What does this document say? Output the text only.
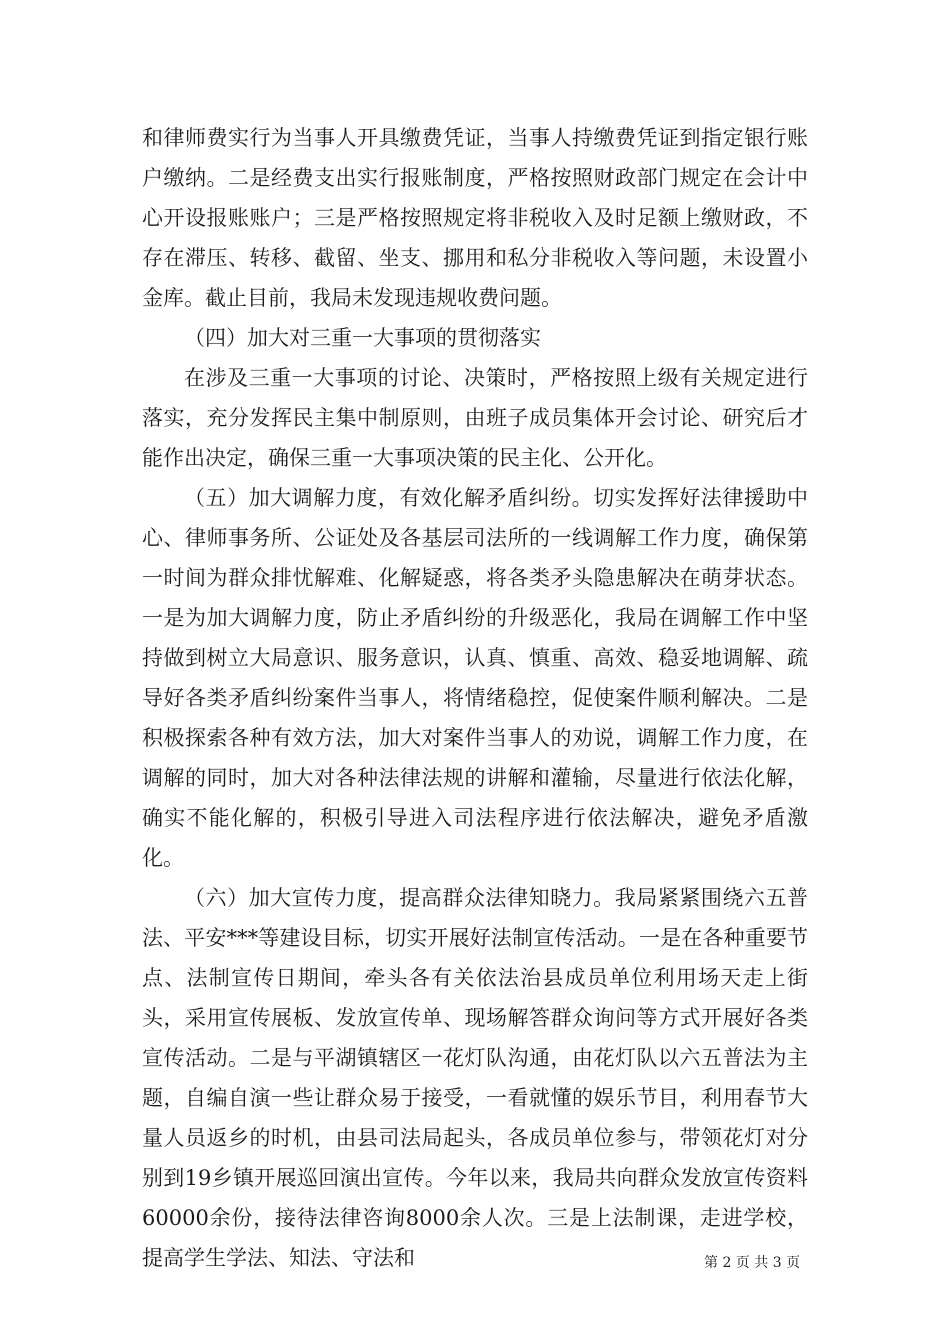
和律师费实行为当事人开具缴费凭证，当事人持缴费凭证到指定银行账户缴纳。二是经费支出实行报账制度，严格按照财政部门规定在会计中心开设报账账户；三是严格按照规定将非税收入及时足额上缴财政，不存在滞压、转移、截留、坐支、挪用和私分非税收入等问题，未设置小金库。截止目前，我局未发现违规收费问题。

（四）加大对三重一大事项的贯彻落实

在涉及三重一大事项的讨论、决策时，严格按照上级有关规定进行落实，充分发挥民主集中制原则，由班子成员集体开会讨论、研究后才能作出决定，确保三重一大事项决策的民主化、公开化。

（五）加大调解力度，有效化解矛盾纠纷。切实发挥好法律援助中心、律师事务所、公证处及各基层司法所的一线调解工作力度，确保第一时间为群众排忧解难、化解疑惑，将各类矛头隐患解决在萌芽状态。一是为加大调解力度，防止矛盾纠纷的升级恶化，我局在调解工作中坚持做到树立大局意识、服务意识，认真、慎重、高效、稳妥地调解、疏导好各类矛盾纠纷案件当事人，将情绪稳控，促使案件顺利解决。二是积极探索各种有效方法，加大对案件当事人的劝说，调解工作力度，在调解的同时，加大对各种法律法规的讲解和灌输，尽量进行依法化解，确实不能化解的，积极引导进入司法程序进行依法解决，避免矛盾激化。

（六）加大宣传力度，提高群众法律知晓力。我局紧紧围绕六五普法、平安***等建设目标，切实开展好法制宣传活动。一是在各种重要节点、法制宣传日期间，牵头各有关依法治县成员单位利用场天走上街头，采用宣传展板、发放宣传单、现场解答群众询问等方式开展好各类宣传活动。二是与平湖镇辖区一花灯队沟通，由花灯队以六五普法为主题，自编自演一些让群众易于接受，一看就懂的娱乐节目，利用春节大量人员返乡的时机，由县司法局起头，各成员单位参与，带领花灯对分别到19乡镇开展巡回演出宣传。今年以来，我局共向群众发放宣传资料60000余份，接待法律咨询8000余人次。三是上法制课，走进学校，提高学生学法、知法、守法和	第 2 页 共 3 页
